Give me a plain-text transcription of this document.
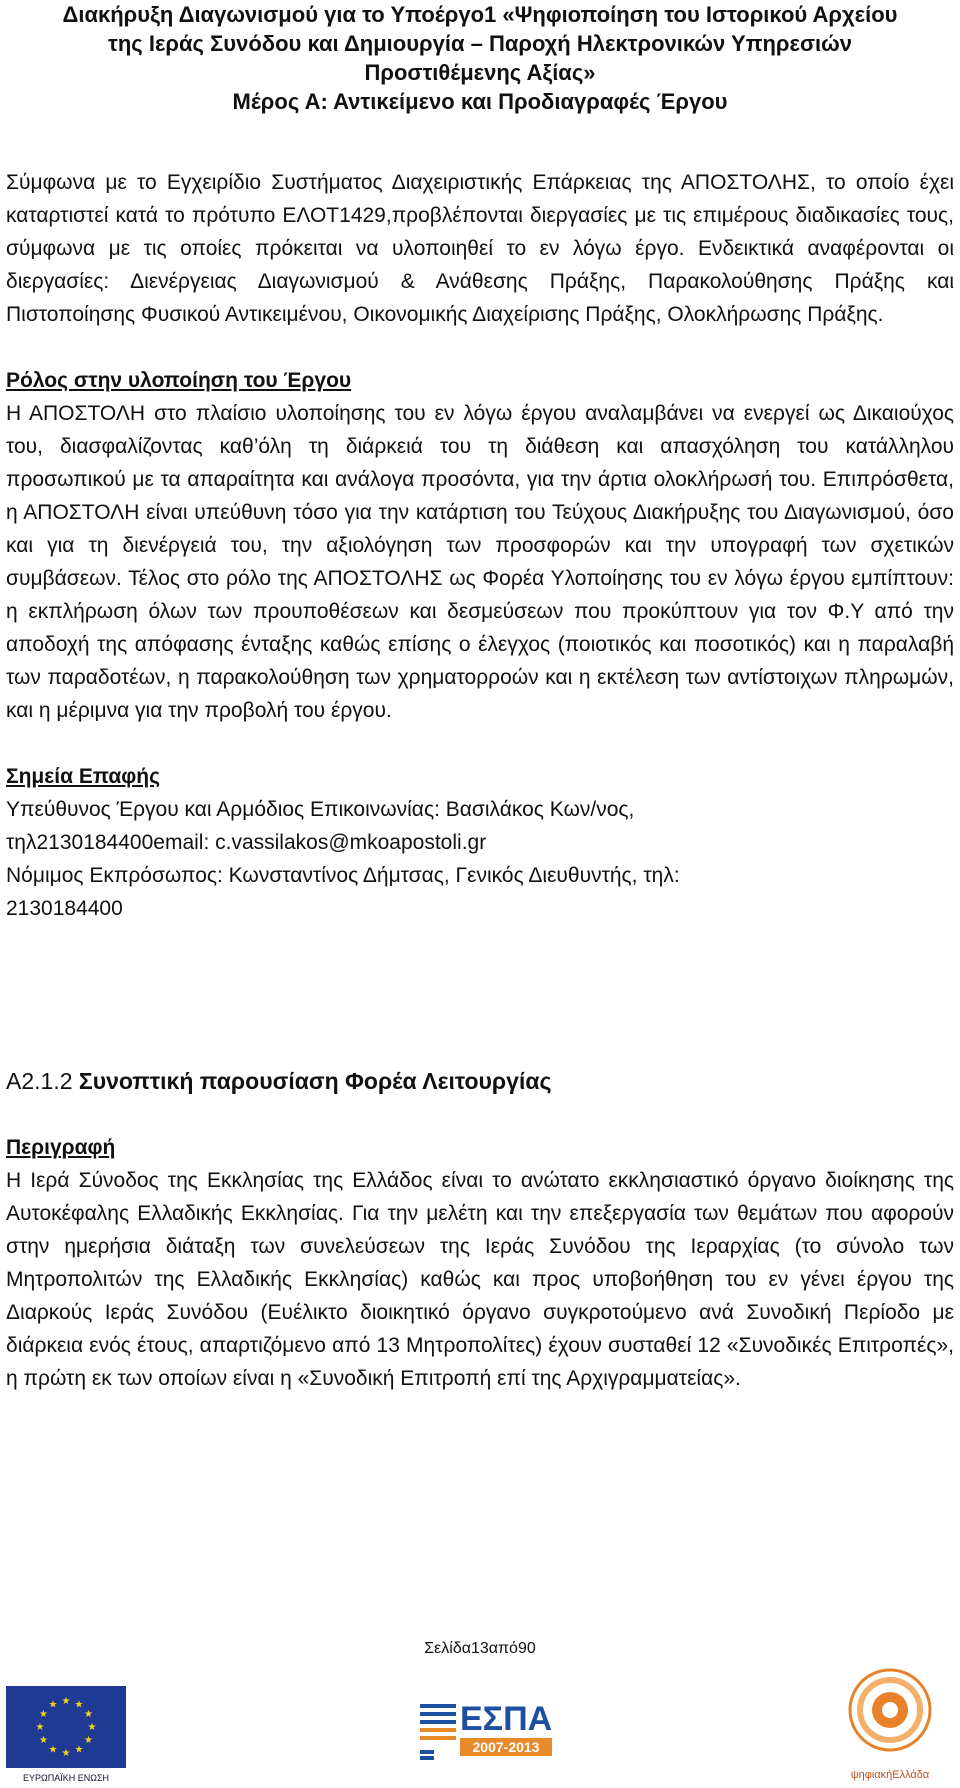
Διακήρυξη Διαγωνισμού για το Υποέργο1 «Ψηφιοποίηση του Ιστορικού Αρχείου
της Ιεράς Συνόδου και Δημιουργία – Παροχή Ηλεκτρονικών Υπηρεσιών
Προστιθέμενης Αξίας»
Μέρος Α: Αντικείμενο και Προδιαγραφές Έργου

Σύμφωνα με το Εγχειρίδιο Συστήματος Διαχειριστικής Επάρκειας της ΑΠΟΣΤΟΛΗΣ, το οποίο έχει καταρτιστεί κατά το πρότυπο ΕΛΟΤ1429,προβλέπονται διεργασίες με τις επιμέρους διαδικασίες τους, σύμφωνα με τις οποίες πρόκειται να υλοποιηθεί το εν λόγω έργο. Ενδεικτικά αναφέρονται οι διεργασίες: Διενέργειας Διαγωνισμού & Ανάθεσης Πράξης, Παρακολούθησης Πράξης και Πιστοποίησης Φυσικού Αντικειμένου, Οικονομικής Διαχείρισης Πράξης, Ολοκλήρωσης Πράξης.

Ρόλος στην υλοποίηση του Έργου

Η ΑΠΟΣΤΟΛΗ στο πλαίσιο υλοποίησης του εν λόγω έργου αναλαμβάνει να ενεργεί ως Δικαιούχος του, διασφαλίζοντας καθ’όλη τη διάρκειά του τη διάθεση και απασχόληση του κατάλληλου προσωπικού με τα απαραίτητα και ανάλογα προσόντα, για την άρτια ολοκλήρωσή του. Επιπρόσθετα, η ΑΠΟΣΤΟΛΗ είναι υπεύθυνη τόσο για την κατάρτιση του Τεύχους Διακήρυξης του Διαγωνισμού, όσο και για τη διενέργειά του, την αξιολόγηση των προσφορών και την υπογραφή των σχετικών συμβάσεων. Τέλος στο ρόλο της ΑΠΟΣΤΟΛΗΣ ως Φορέα Υλοποίησης του εν λόγω έργου εμπίπτουν: η εκπλήρωση όλων των προυποθέσεων και δεσμεύσεων που προκύπτουν για τον Φ.Υ από την αποδοχή της απόφασης ένταξης καθώς επίσης ο έλεγχος (ποιοτικός και ποσοτικός) και η παραλαβή των παραδοτέων, η παρακολούθηση των χρηματορροών και η εκτέλεση των αντίστοιχων πληρωμών, και η μέριμνα για την προβολή του έργου.

Σημεία Επαφής

Υπεύθυνος Έργου και Αρμόδιος Επικοινωνίας: Βασιλάκος Κων/νος,

τηλ2130184400email: c.vassilakos@mkoapostoli.gr

Νόμιμος Εκπρόσωπος: Κωνσταντίνος Δήμτσας, Γενικός Διευθυντής, τηλ:

2130184400

Α2.1.2 Συνοπτική παρουσίαση Φορέα Λειτουργίας
Περιγραφή

Η Ιερά Σύνοδος της Εκκλησίας της Ελλάδος είναι το ανώτατο εκκλησιαστικό όργανο διοίκησης της Αυτοκέφαλης Ελλαδικής Εκκλησίας. Για την μελέτη και την επεξεργασία των θεμάτων που αφορούν στην ημερήσια διάταξη των συνελεύσεων της Ιεράς Συνόδου της Ιεραρχίας (το σύνολο των Μητροπολιτών της Ελλαδικής Εκκλησίας) καθώς και προς υποβοήθηση του εν γένει έργου της Διαρκούς Ιεράς Συνόδου (Ευέλικτο διοικητικό όργανο συγκροτούμενο ανά Συνοδική Περίοδο με διάρκεια ενός έτους, απαρτιζόμενο από 13 Μητροπολίτες) έχουν συσταθεί 12 «Συνοδικές Επιτροπές», η πρώτη εκ των οποίων είναι η «Συνοδική Επιτροπή επί της Αρχιγραμματείας».

Σελίδα13από90
★
★
★
★
★
★
★
★
★ ★ ★
★
ΕΥΡΩΠΑΪΚΗ ΕΝΩΣΗ
ΕΣΠΑ
2007-2013
ψηφιακήΕλλάδα
